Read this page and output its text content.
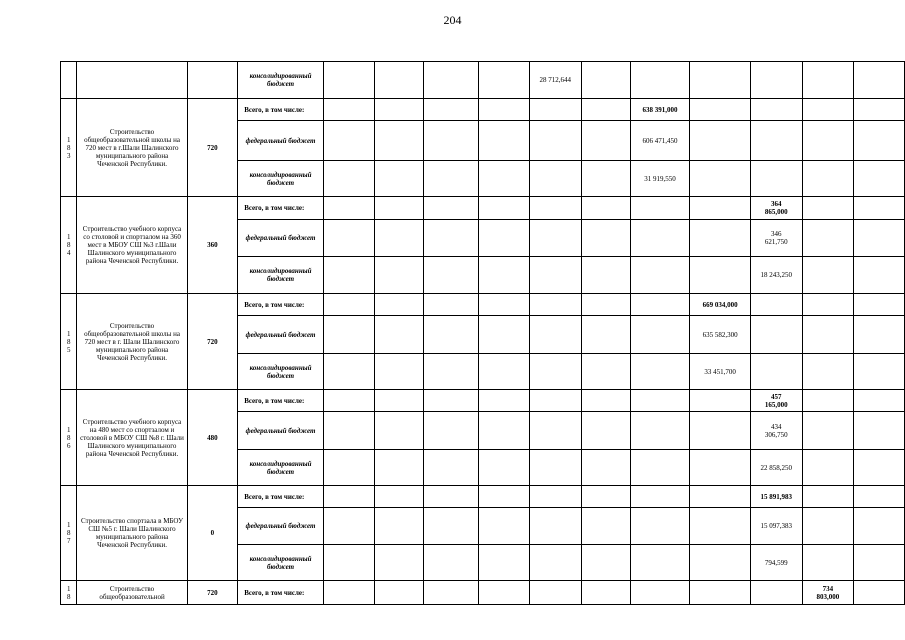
204
			консолидированный бюджет					28 712,644						
1
8
3	Строительство общеобразовательной школы на 720 мест в г.Шали Шалинского муниципального района Чеченской Республики.	720	Всего, в том числе:							638 391,000				
			федеральный бюджет							606 471,450				
			консолидированный бюджет							31 919,550				
1
8
4	Строительство учебного корпуса со столовой и спортзалом на 360 мест в МБОУ СШ №3 г.Шали Шалинского муниципального района Чеченской Республики.	360	Всего, в том числе:									364
865,000		
			федеральный бюджет									346
621,750		
			консолидированный бюджет									18 243,250		
1
8
5	Строительство общеобразовательной школы на 720 мест в г. Шали Шалинского муниципального района Чеченской Республики.	720	Всего, в том числе:								669 034,000			
			федеральный бюджет								635 582,300			
			консолидированный бюджет								33 451,700			
1
8
6	Строительство учебного корпуса на 480 мест со спортзалом и столовой в МБОУ СШ №8 г. Шали Шалинского муниципального района Чеченской Республики.	480	Всего, в том числе:									457
165,000		
			федеральный бюджет									434
306,750		
			консолидированный бюджет									22 858,250		
1
8
7	Строительство спортзала в МБОУ СШ №5 г. Шали Шалинского муниципального района Чеченской Республики.	0	Всего, в том числе:									15 891,983		
			федеральный бюджет									15 097,383		
			консолидированный бюджет									794,599		
1
8	Строительство общеобразовательной	720	Всего, в том числе:										734
803,000	
